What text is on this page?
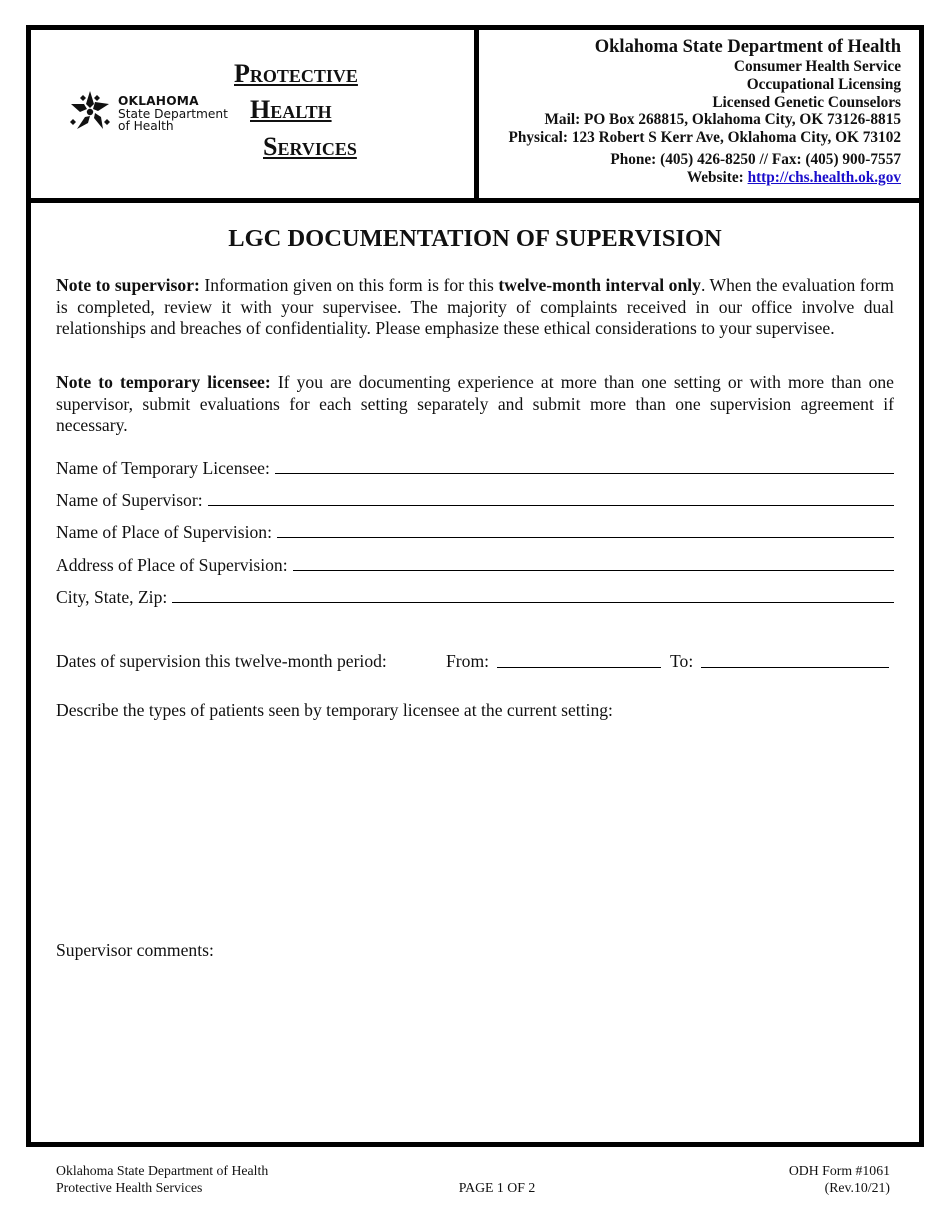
OKLAHOMA
State Department
of Health
Protective
Health
Services
Oklahoma State Department of Health
Consumer Health Service
Occupational Licensing
Licensed Genetic Counselors
Mail: PO Box 268815, Oklahoma City, OK 73126-8815
Physical: 123 Robert S Kerr Ave, Oklahoma City, OK 73102
Phone: (405) 426-8250 // Fax: (405) 900-7557
Website: http://chs.health.ok.gov
LGC DOCUMENTATION OF SUPERVISION
Note to supervisor: Information given on this form is for this twelve-month interval only. When the evaluation form is completed, review it with your supervisee. The majority of complaints received in our office involve dual relationships and breaches of confidentiality. Please emphasize these ethical considerations to your supervisee.
Note to temporary licensee: If you are documenting experience at more than one setting or with more than one supervisor, submit evaluations for each setting separately and submit more than one supervision agreement if necessary.
Name of Temporary Licensee:
Name of Supervisor:
Name of Place of Supervision:
Address of Place of Supervision:
City, State, Zip:
Dates of supervision this twelve-month period:	From:	To:
Describe the types of patients seen by temporary licensee at the current setting:
Supervisor comments:
Oklahoma State Department of Health
Protective Health Services	PAGE 1 OF 2
ODH Form #1061
(Rev.10/21)
